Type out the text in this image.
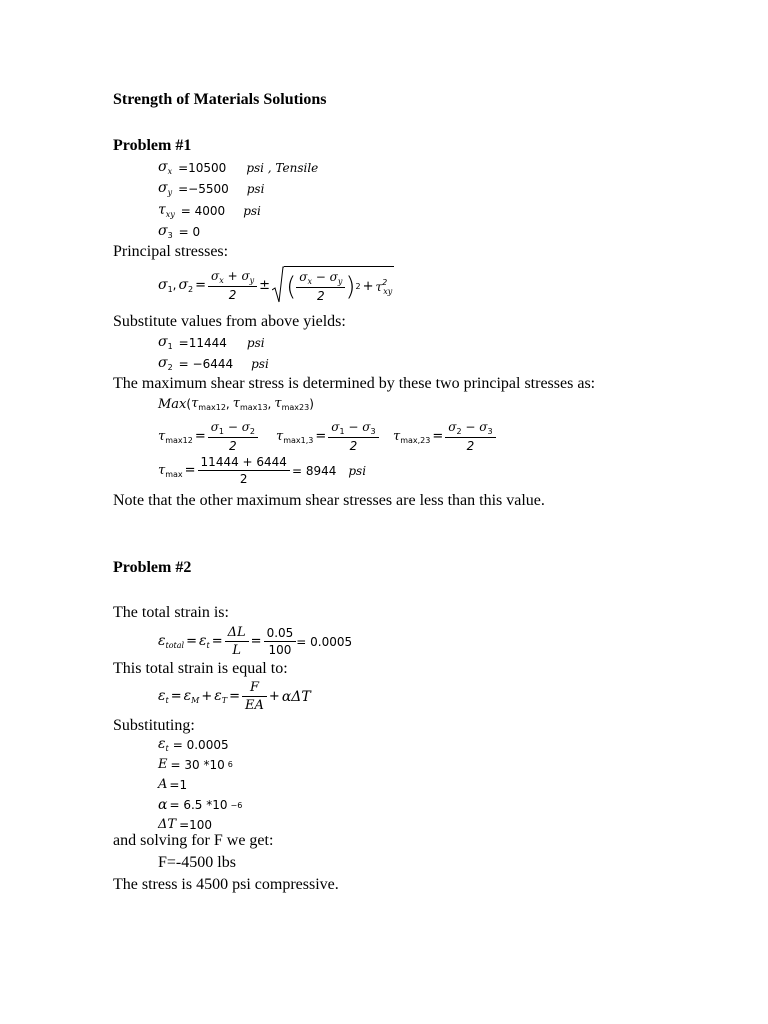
Strength of Materials Solutions
Problem #1
$\sigma_x =10500$ psi , Tensile
$\sigma_y =-5500$ psi
$\tau_{xy} = 4000$ psi
$\sigma_3 = 0$
Principal stresses:
$\sigma_1$ , $\sigma_2 = \frac{\sigma_x + \sigma_y}{2}$ ± ( $\frac{\sigma_x - \sigma_y}{2}$ ) $2 + \tau^2_{xy}$
Substitute values from above yields:
$\sigma_1 =11444$ psi
$\sigma_2 = -6444$ psi
The maximum shear stress is determined by these two principal stresses as:
Max ( $\tau_{max12}$ , $\tau_{max13}$ , $\tau_{max23}$ )
$\tau_{max12} = \frac{\sigma_1 - \sigma_2}{2} \tau_{max1,3} = \frac{\sigma_1 - \sigma_3}{2} \tau_{max,23} = \frac{\sigma_2 - \sigma_3}{2}$
$\tau_{max} = \frac{11444 + 6444}{2} = 8944$ psi
Note that the other maximum shear stresses are less than this value.
Problem #2
The total strain is:
$\varepsilon_{total} = \varepsilon_t = \frac{\Delta L}{L} = \frac{0.05}{100} = 0.0005$
This total strain is equal to:
$\varepsilon_t = \varepsilon_M + \varepsilon_T = \frac{F}{EA} + \alpha\Delta T$
Substituting:
$\varepsilon_t = 0.0005$
E = 30 *10 6
A =1
α = 6.5 *10 −6
ΔT =100
and solving for F we get:
F=-4500 lbs
The stress is 4500 psi compressive.
